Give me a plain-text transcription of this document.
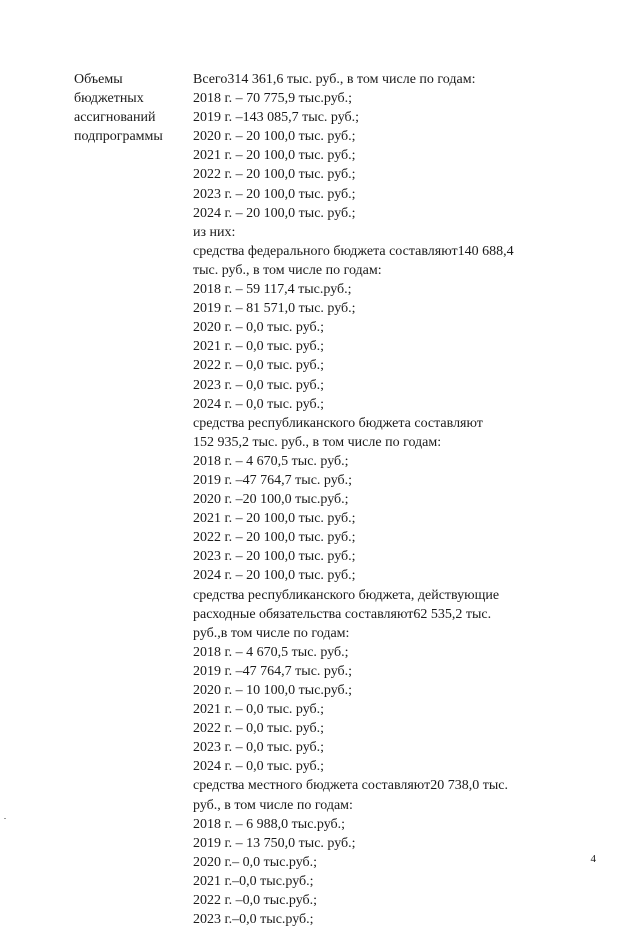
Объемы
бюджетных
ассигнований
подпрограммы
Всего314 361,6 тыс. руб., в том числе по годам:
2018 г. – 70 775,9 тыс.руб.;
2019 г. –143 085,7 тыс. руб.;
2020 г. – 20 100,0 тыс. руб.;
2021 г. – 20 100,0 тыс. руб.;
2022 г. – 20 100,0 тыс. руб.;
2023 г. – 20 100,0 тыс. руб.;
2024 г. – 20 100,0 тыс. руб.;
из них:
средства федерального бюджета составляют140 688,4
тыс. руб., в том числе по годам:
2018 г. – 59 117,4 тыс.руб.;
2019 г. – 81 571,0 тыс. руб.;
2020 г. – 0,0 тыс. руб.;
2021 г. – 0,0 тыс. руб.;
2022 г. – 0,0 тыс. руб.;
2023 г. – 0,0 тыс. руб.;
2024 г. – 0,0 тыс. руб.;
средства республиканского бюджета составляют
152 935,2 тыс. руб., в том числе по годам:
2018 г. – 4 670,5 тыс. руб.;
2019 г. –47 764,7 тыс. руб.;
2020 г. –20 100,0 тыс.руб.;
2021 г. – 20 100,0 тыс. руб.;
2022 г. – 20 100,0 тыс. руб.;
2023 г. – 20 100,0 тыс. руб.;
2024 г. – 20 100,0 тыс. руб.;
средства республиканского бюджета, действующие
расходные обязательства составляют62 535,2 тыс.
руб.,в том числе по годам:
2018 г. – 4 670,5 тыс. руб.;
2019 г. –47 764,7 тыс. руб.;
2020 г. – 10 100,0 тыс.руб.;
2021 г. – 0,0 тыс. руб.;
2022 г. – 0,0 тыс. руб.;
2023 г. – 0,0 тыс. руб.;
2024 г. – 0,0 тыс. руб.;
средства местного бюджета составляют20 738,0 тыс.
руб., в том числе по годам:
2018 г. – 6 988,0 тыс.руб.;
2019 г. – 13 750,0 тыс. руб.;
2020 г.– 0,0 тыс.руб.;
2021 г.–0,0 тыс.руб.;
2022 г. –0,0 тыс.руб.;
2023 г.–0,0 тыс.руб.;
4
